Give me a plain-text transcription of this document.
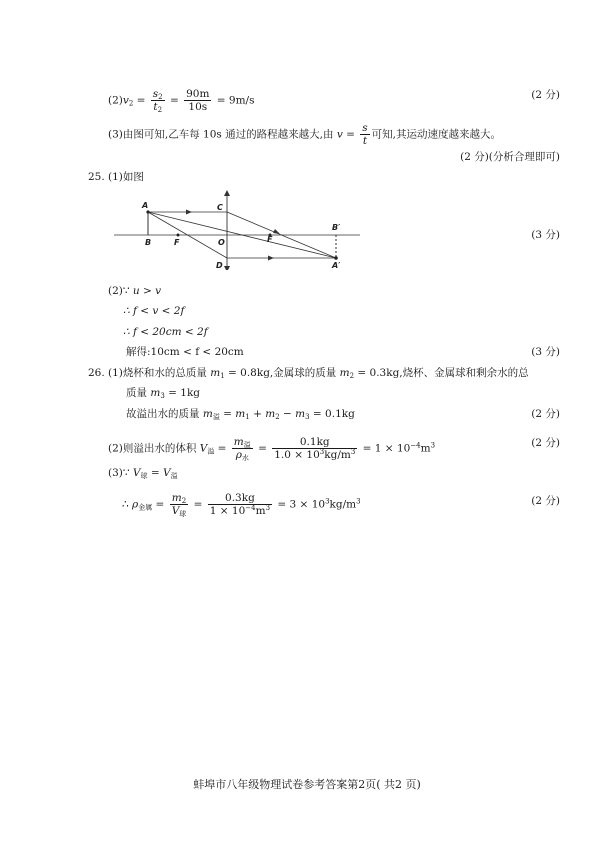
$(2)v_2 = \frac{s_2}{t_2} = \frac{90m}{10s} = 9m/s$	(2 分)
(3)由图可知,乙车每 10s 通过的路程越来越大,由 $v = \frac{s}{t}$ 可知,其运动速度越来越大。
(2 分)(分析合理即可)
25. (1)如图
A
B	F	O	F
C
D
B′
A′
(3 分)
(2)∵ u > v
∴ f < v < 2f
∴ f < 20cm < 2f
解得:10cm < f < 20cm	(3 分)
26. (1)烧杯和水的总质量 $m_1 = 0.8kg$,金属球的质量 $m_2 = 0.3kg$,烧杯、金属球和剩余水的总
质量 $m_3 = 1kg$
故溢出水的质量 $m_溢 = m_1 + m_2 - m_3 = 0.1kg$	(2 分)
(2)则溢出水的体积 $V_溢 = \frac{m_溢}{\rho_水} = \frac{0.1kg}{1.0 \times 10^3kg/m^3} = 1 \times 10^{-4}m^3$	(2 分)
(3)∵ $V_球 = V_溢$
∴ $\rho_{金属} = \frac{m_2}{V_球} = \frac{0.3kg}{1 \times 10^{-4}m^3} = 3 \times 10^3kg/m^3$	(2 分)
蚌埠市八年级物理试卷参考答案第2页( 共2 页)
